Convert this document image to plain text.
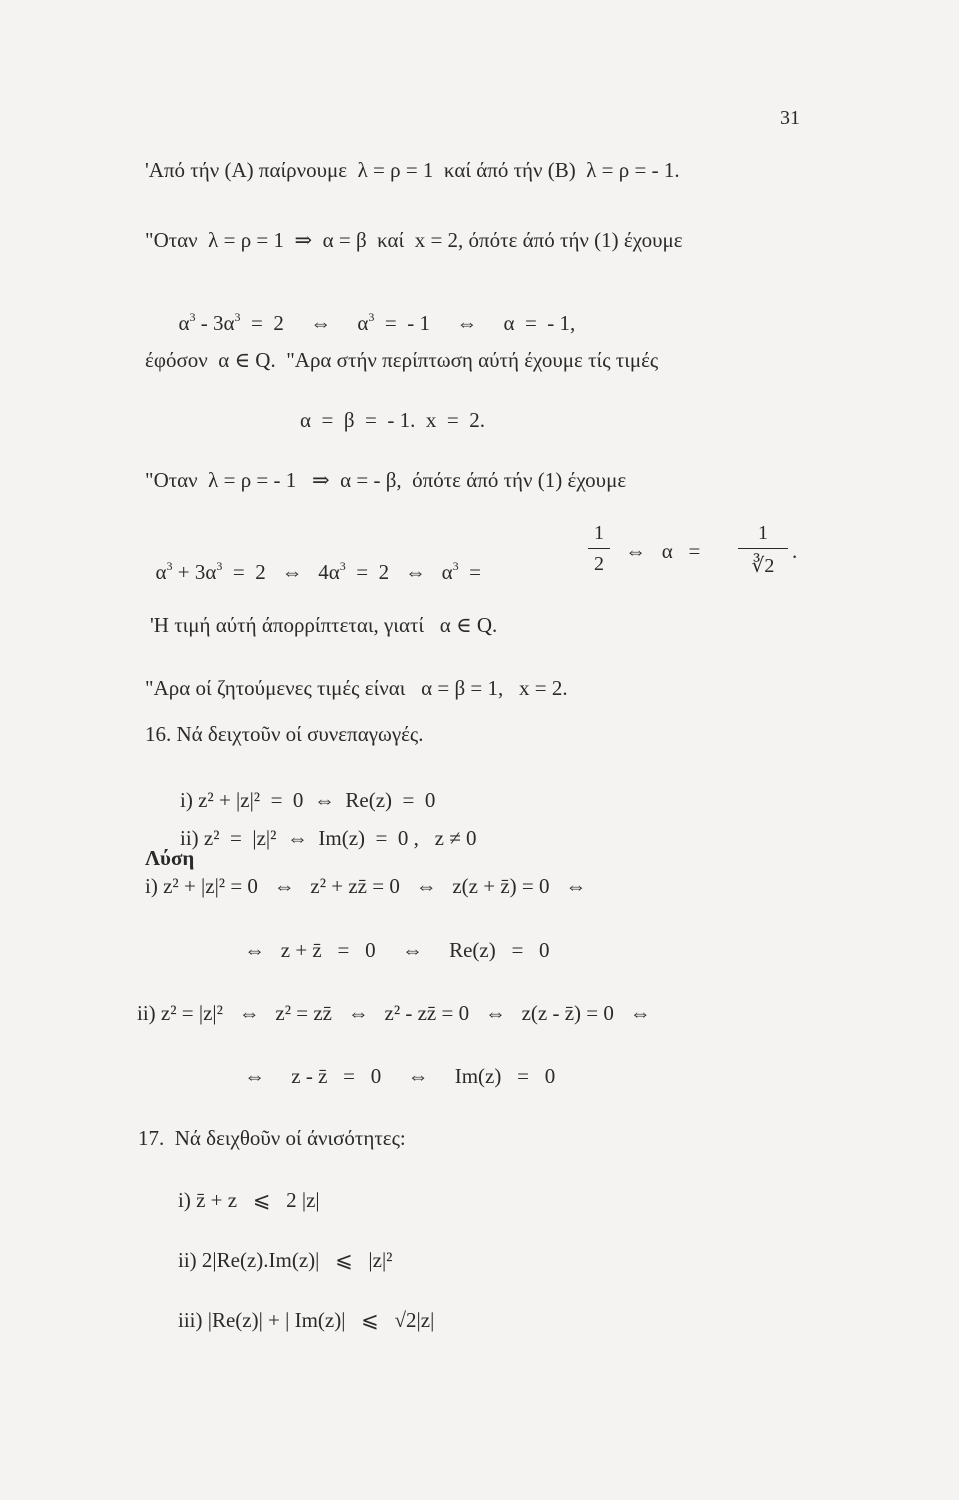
31
'Από τήν (Α) παίρνουμε  λ = ρ = 1  καί άπό τήν (Β)  λ = ρ = - 1.
"Οταν  λ = ρ = 1  ⇒  α = β  καί  x = 2, όπότε άπό τήν (1) έχουμε

$\alpha^3 - 3\alpha^3 = 2$     ⇔     $\alpha^3$  =  - 1     ⇔     α  =  - 1,

έφόσον  α ∈ Q.  "Αρα στήν περίπτωση αύτή έχουμε τίς τιμές
α  =  β  =  - 1.  x  =  2.
"Οταν  λ = ρ = - 1   ⇒  α = - β,  όπότε άπό τήν (1) έχουμε

$\alpha^3 + 3\alpha^3 = 2$   ⇔   $4\alpha^3 = 2$   ⇔   $\alpha^3$  =

1
2
⇔   α   =
1
∛2
.
'Η τιμή αύτή άπορρίπτεται, γιατί   α ∈ Q.
"Αρα οί ζητούμενες τιμές είναι   α = β = 1,   x = 2.
16. Νά δειχτοῦν οί συνεπαγωγές.
i) z² + |z|²  =  0  ⇔  Re(z)  =  0
ii) z²  =  |z|²  ⇔  Im(z)  =  0 ,   z ≠ 0
Λύση
i) z² + |z|² = 0   ⇔   z² + zz̄ = 0   ⇔   z(z + z̄) = 0   ⇔
⇔   z + z̄   =   0     ⇔     Re(z)   =   0
ii) z² = |z|²   ⇔   z² = zz̄   ⇔   z² - zz̄ = 0   ⇔   z(z - z̄) = 0   ⇔
⇔     z - z̄   =   0     ⇔     Im(z)   =   0
17.  Νά δειχθοῦν οί άνισότητες:
i) z̄ + z   ⩽   2 |z|
ii) 2|Re(z).Im(z)|   ⩽   |z|²
iii) |Re(z)| + | Im(z)|   ⩽   √2|z|
